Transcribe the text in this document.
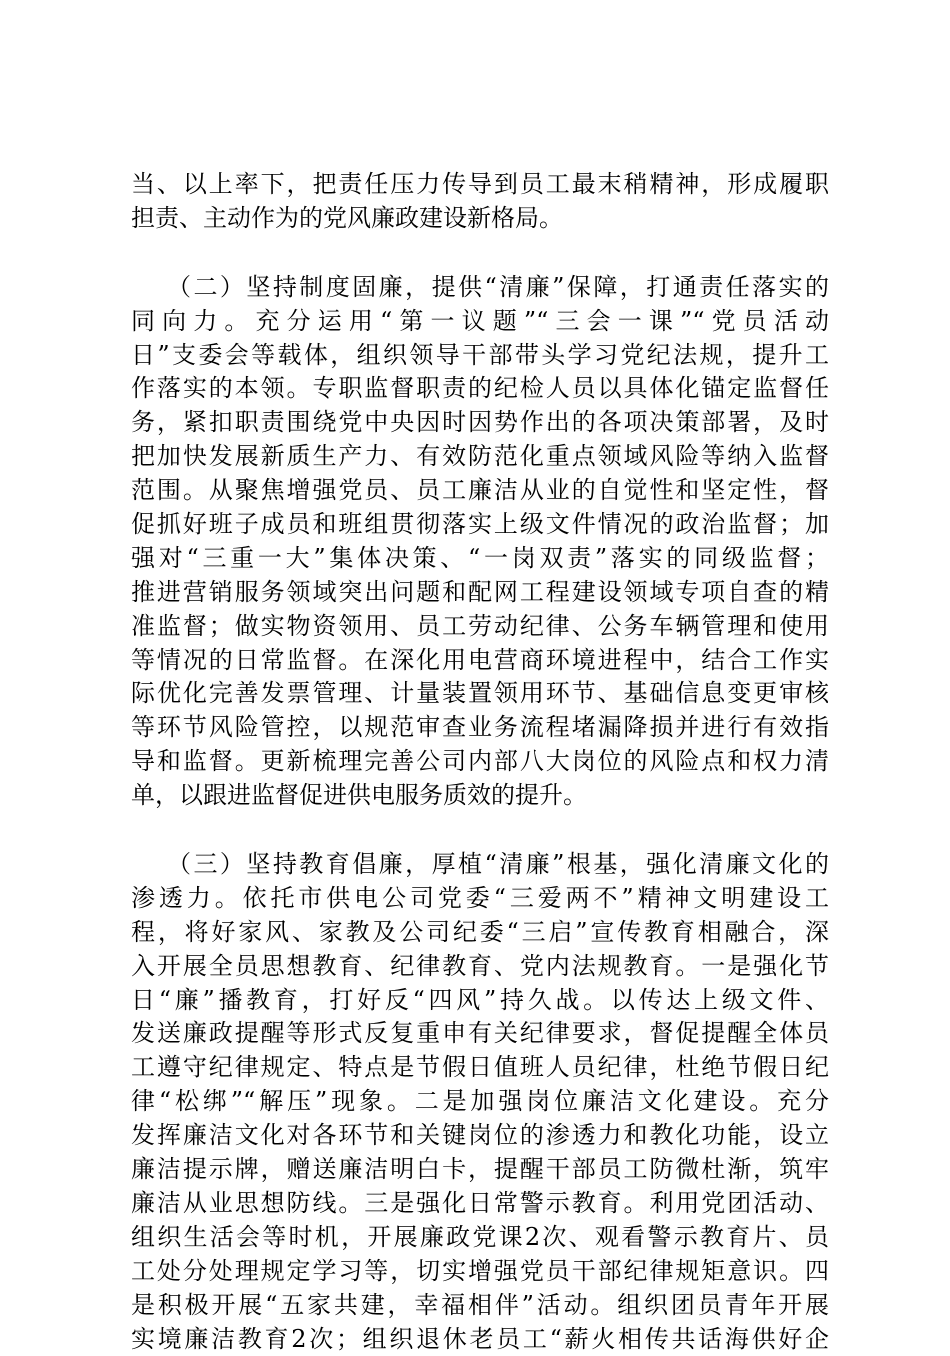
当、以上率下，把责任压力传导到员工最末稍精神，形成履职
担责、主动作为的党风廉政建设新格局。
（二）坚持制度固廉，提供“清廉”保障，打通责任落实的
同向力。充分运用“第一议题”“三会一课”“党员活动
日”支委会等载体，组织领导干部带头学习党纪法规，提升工
作落实的本领。专职监督职责的纪检人员以具体化锚定监督任
务，紧扣职责围绕党中央因时因势作出的各项决策部署，及时
把加快发展新质生产力、有效防范化重点领域风险等纳入监督
范围。从聚焦增强党员、员工廉洁从业的自觉性和坚定性，督
促抓好班子成员和班组贯彻落实上级文件情况的政治监督；加
强对“三重一大”集体决策、“一岗双责”落实的同级监督；
推进营销服务领域突出问题和配网工程建设领域专项自查的精
准监督；做实物资领用、员工劳动纪律、公务车辆管理和使用
等情况的日常监督。在深化用电营商环境进程中，结合工作实
际优化完善发票管理、计量装置领用环节、基础信息变更审核
等环节风险管控，以规范审查业务流程堵漏降损并进行有效指
导和监督。更新梳理完善公司内部八大岗位的风险点和权力清
单，以跟进监督促进供电服务质效的提升。
（三）坚持教育倡廉，厚植“清廉”根基，强化清廉文化的
渗透力。依托市供电公司党委“三爱两不”精神文明建设工
程，将好家风、家教及公司纪委“三启”宣传教育相融合，深
入开展全员思想教育、纪律教育、党内法规教育。一是强化节
日“廉”播教育，打好反“四风”持久战。以传达上级文件、
发送廉政提醒等形式反复重申有关纪律要求，督促提醒全体员
工遵守纪律规定、特点是节假日值班人员纪律，杜绝节假日纪
律“松绑”“解压”现象。二是加强岗位廉洁文化建设。充分
发挥廉洁文化对各环节和关键岗位的渗透力和教化功能，设立
廉洁提示牌，赠送廉洁明白卡，提醒干部员工防微杜渐，筑牢
廉洁从业思想防线。三是强化日常警示教育。利用党团活动、
组织生活会等时机，开展廉政党课2次、观看警示教育片、员
工处分处理规定学习等，切实增强党员干部纪律规矩意识。四
是积极开展“五家共建，幸福相伴”活动。组织团员青年开展
实境廉洁教育2次；组织退休老员工“薪火相传共话海供好企
